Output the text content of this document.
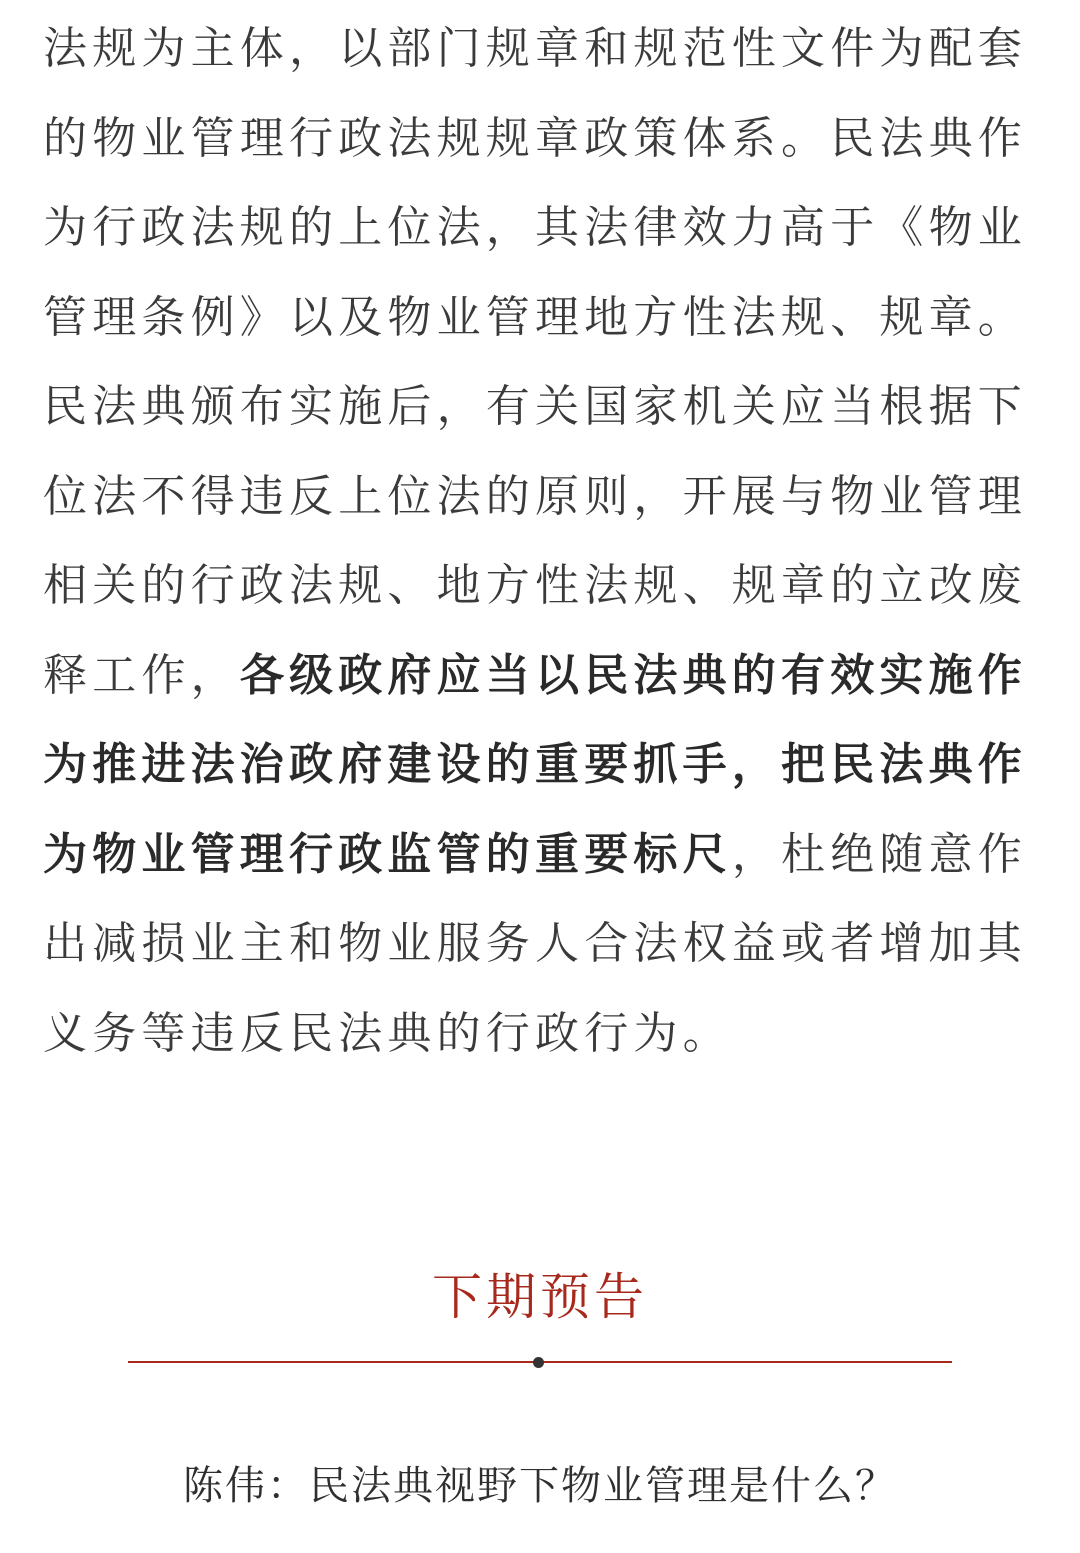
法规为主体，以部门规章和规范性文件为配套
的物业管理行政法规规章政策体系。民法典作
为行政法规的上位法，其法律效力高于《物业
管理条例》以及物业管理地方性法规、规章。
民法典颁布实施后，有关国家机关应当根据下
位法不得违反上位法的原则，开展与物业管理
相关的行政法规、地方性法规、规章的立改废
释工作，各级政府应当以民法典的有效实施作
为推进法治政府建设的重要抓手，把民法典作
为物业管理行政监管的重要标尺，杜绝随意作
出减损业主和物业服务人合法权益或者增加其
义务等违反民法典的行政行为。
下期预告
陈伟：民法典视野下物业管理是什么？
